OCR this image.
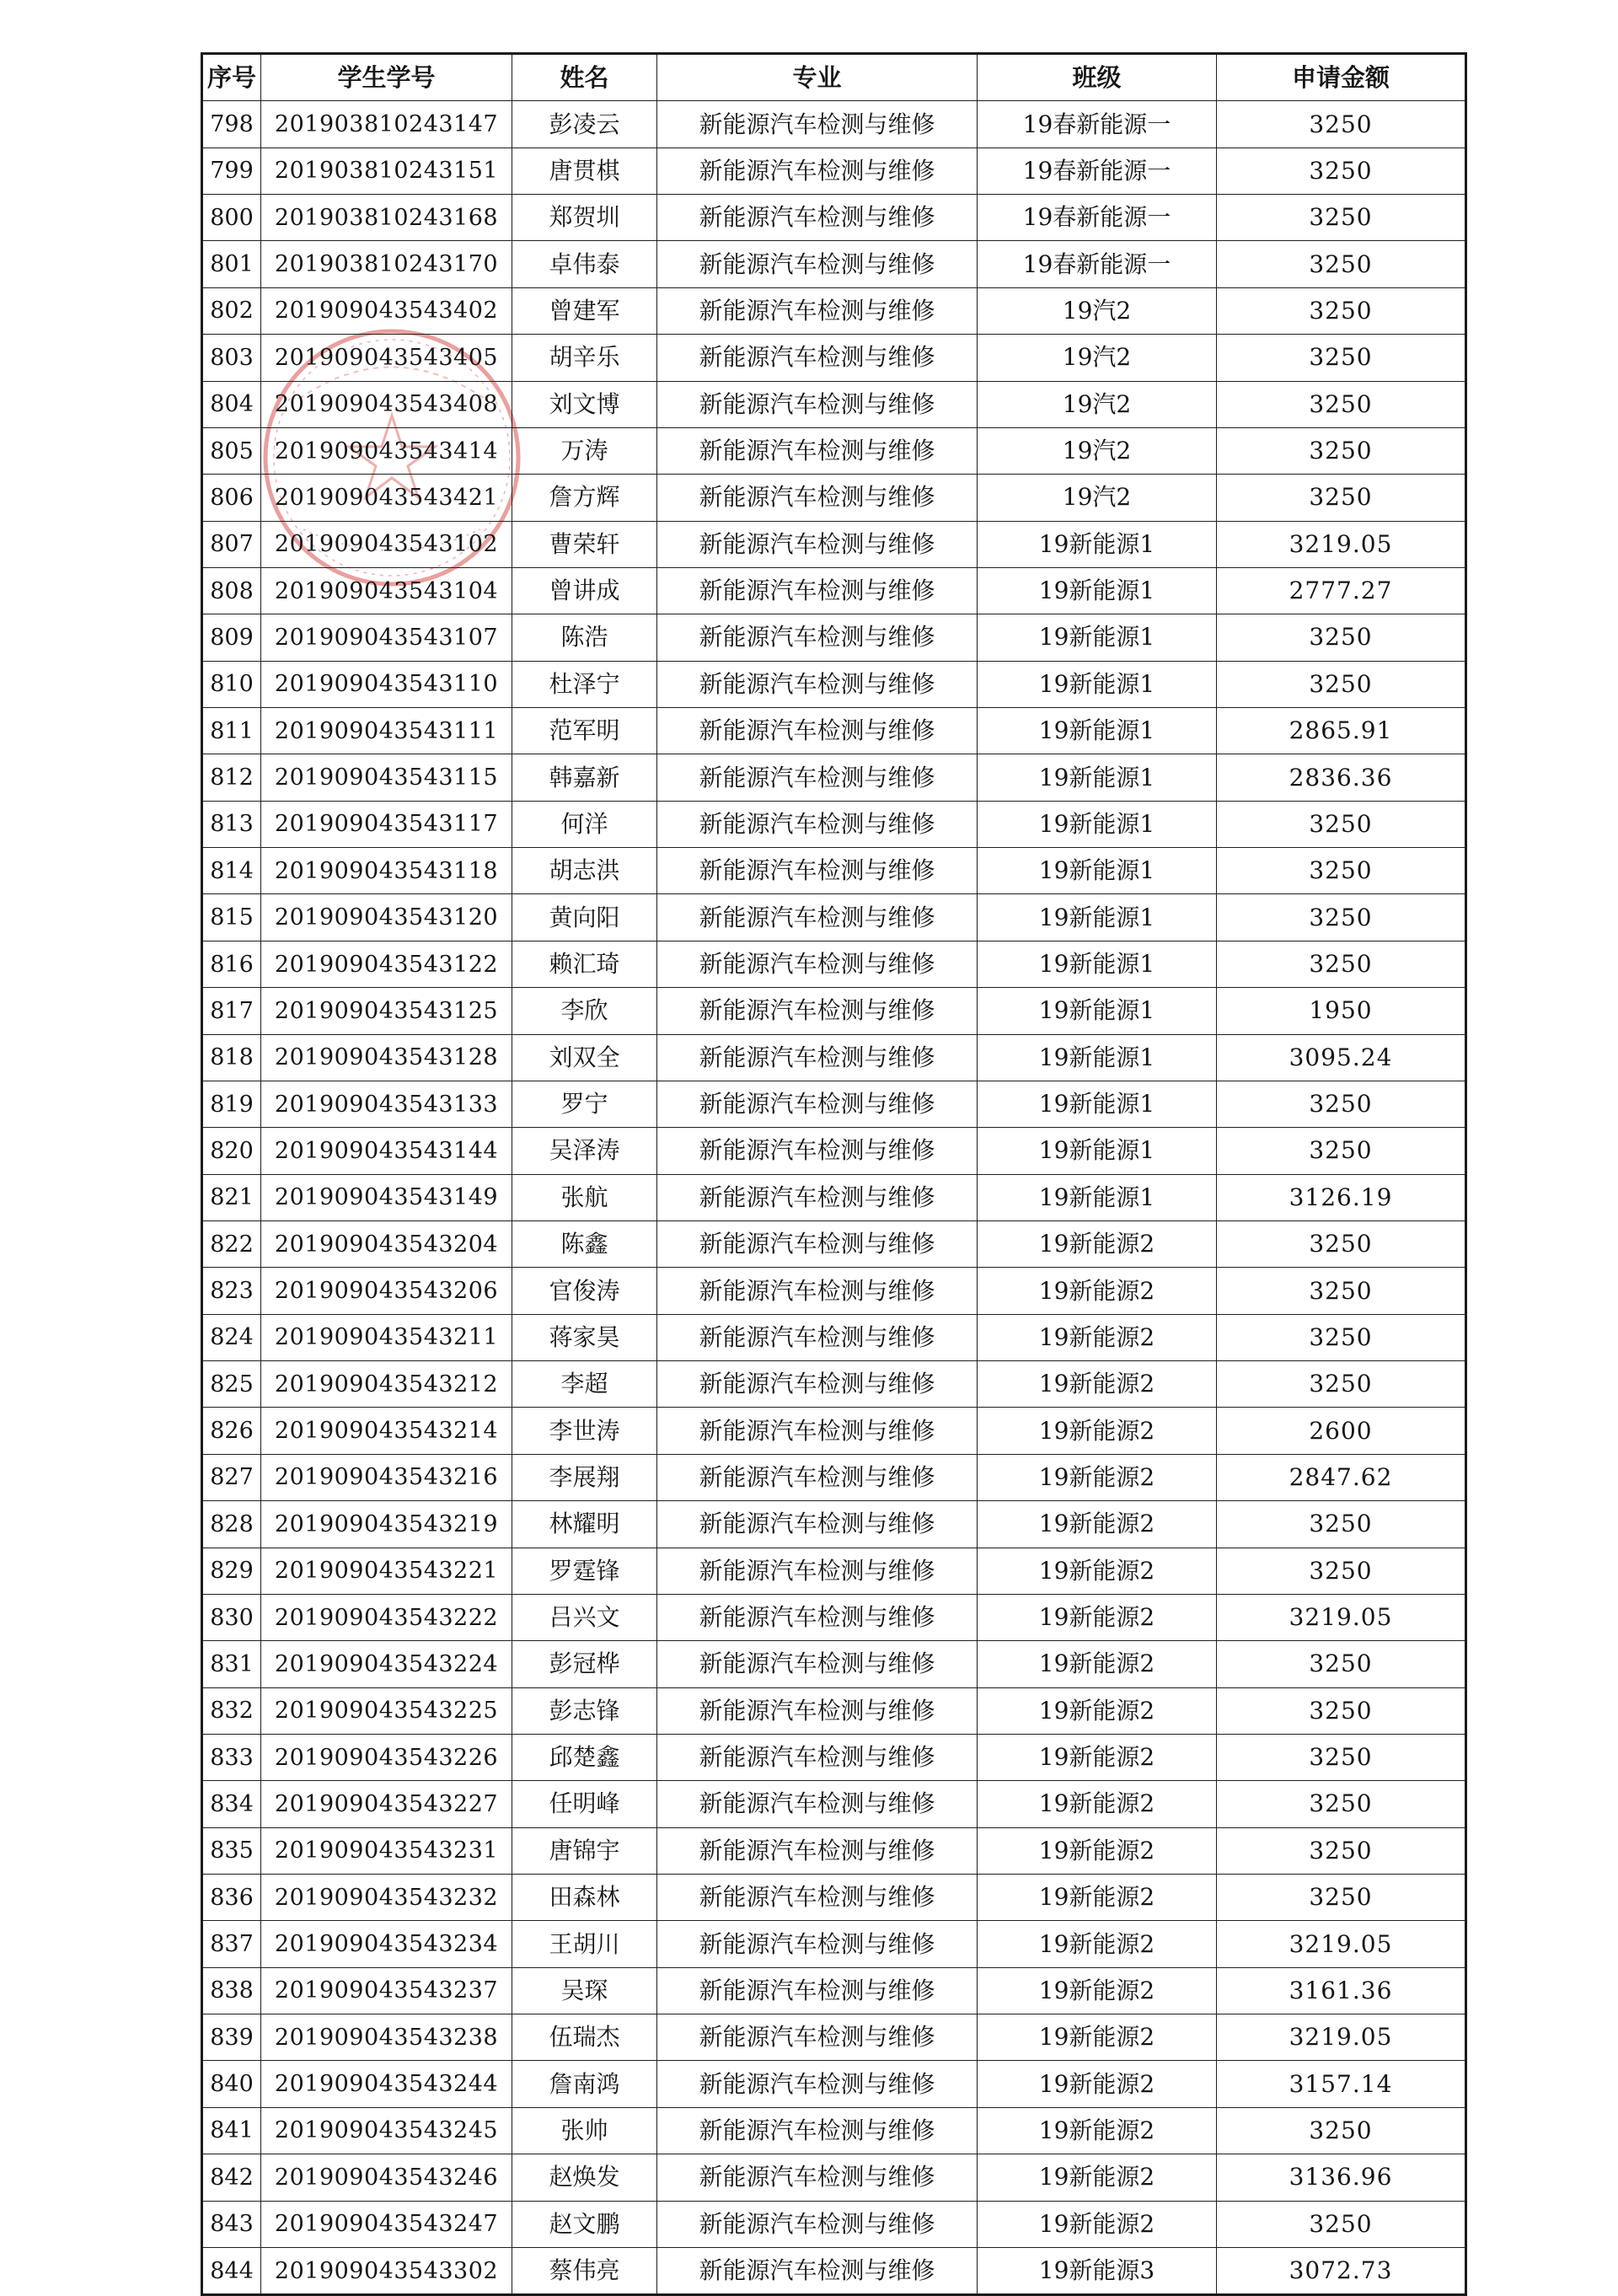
序号	学生学号	姓名	专业	班级	申请金额
798	201903810243147	彭凌云	新能源汽车检测与维修	19春新能源一	3250
799	201903810243151	唐贯棋	新能源汽车检测与维修	19春新能源一	3250
800	201903810243168	郑贺圳	新能源汽车检测与维修	19春新能源一	3250
801	201903810243170	卓伟泰	新能源汽车检测与维修	19春新能源一	3250
802	201909043543402	曾建军	新能源汽车检测与维修	19汽2	3250
803	201909043543405	胡辛乐	新能源汽车检测与维修	19汽2	3250
804	201909043543408	刘文博	新能源汽车检测与维修	19汽2	3250
805	201909043543414	万涛	新能源汽车检测与维修	19汽2	3250
806	201909043543421	詹方辉	新能源汽车检测与维修	19汽2	3250
807	201909043543102	曹荣轩	新能源汽车检测与维修	19新能源1	3219.05
808	201909043543104	曾讲成	新能源汽车检测与维修	19新能源1	2777.27
809	201909043543107	陈浩	新能源汽车检测与维修	19新能源1	3250
810	201909043543110	杜泽宁	新能源汽车检测与维修	19新能源1	3250
811	201909043543111	范军明	新能源汽车检测与维修	19新能源1	2865.91
812	201909043543115	韩嘉新	新能源汽车检测与维修	19新能源1	2836.36
813	201909043543117	何洋	新能源汽车检测与维修	19新能源1	3250
814	201909043543118	胡志洪	新能源汽车检测与维修	19新能源1	3250
815	201909043543120	黄向阳	新能源汽车检测与维修	19新能源1	3250
816	201909043543122	赖汇琦	新能源汽车检测与维修	19新能源1	3250
817	201909043543125	李欣	新能源汽车检测与维修	19新能源1	1950
818	201909043543128	刘双全	新能源汽车检测与维修	19新能源1	3095.24
819	201909043543133	罗宁	新能源汽车检测与维修	19新能源1	3250
820	201909043543144	吴泽涛	新能源汽车检测与维修	19新能源1	3250
821	201909043543149	张航	新能源汽车检测与维修	19新能源1	3126.19
822	201909043543204	陈鑫	新能源汽车检测与维修	19新能源2	3250
823	201909043543206	官俊涛	新能源汽车检测与维修	19新能源2	3250
824	201909043543211	蒋家昊	新能源汽车检测与维修	19新能源2	3250
825	201909043543212	李超	新能源汽车检测与维修	19新能源2	3250
826	201909043543214	李世涛	新能源汽车检测与维修	19新能源2	2600
827	201909043543216	李展翔	新能源汽车检测与维修	19新能源2	2847.62
828	201909043543219	林耀明	新能源汽车检测与维修	19新能源2	3250
829	201909043543221	罗霆锋	新能源汽车检测与维修	19新能源2	3250
830	201909043543222	吕兴文	新能源汽车检测与维修	19新能源2	3219.05
831	201909043543224	彭冠桦	新能源汽车检测与维修	19新能源2	3250
832	201909043543225	彭志锋	新能源汽车检测与维修	19新能源2	3250
833	201909043543226	邱楚鑫	新能源汽车检测与维修	19新能源2	3250
834	201909043543227	任明峰	新能源汽车检测与维修	19新能源2	3250
835	201909043543231	唐锦宇	新能源汽车检测与维修	19新能源2	3250
836	201909043543232	田森林	新能源汽车检测与维修	19新能源2	3250
837	201909043543234	王胡川	新能源汽车检测与维修	19新能源2	3219.05
838	201909043543237	吴琛	新能源汽车检测与维修	19新能源2	3161.36
839	201909043543238	伍瑞杰	新能源汽车检测与维修	19新能源2	3219.05
840	201909043543244	詹南鸿	新能源汽车检测与维修	19新能源2	3157.14
841	201909043543245	张帅	新能源汽车检测与维修	19新能源2	3250
842	201909043543246	赵焕发	新能源汽车检测与维修	19新能源2	3136.96
843	201909043543247	赵文鹏	新能源汽车检测与维修	19新能源2	3250
844	201909043543302	蔡伟亮	新能源汽车检测与维修	19新能源3	3072.73
